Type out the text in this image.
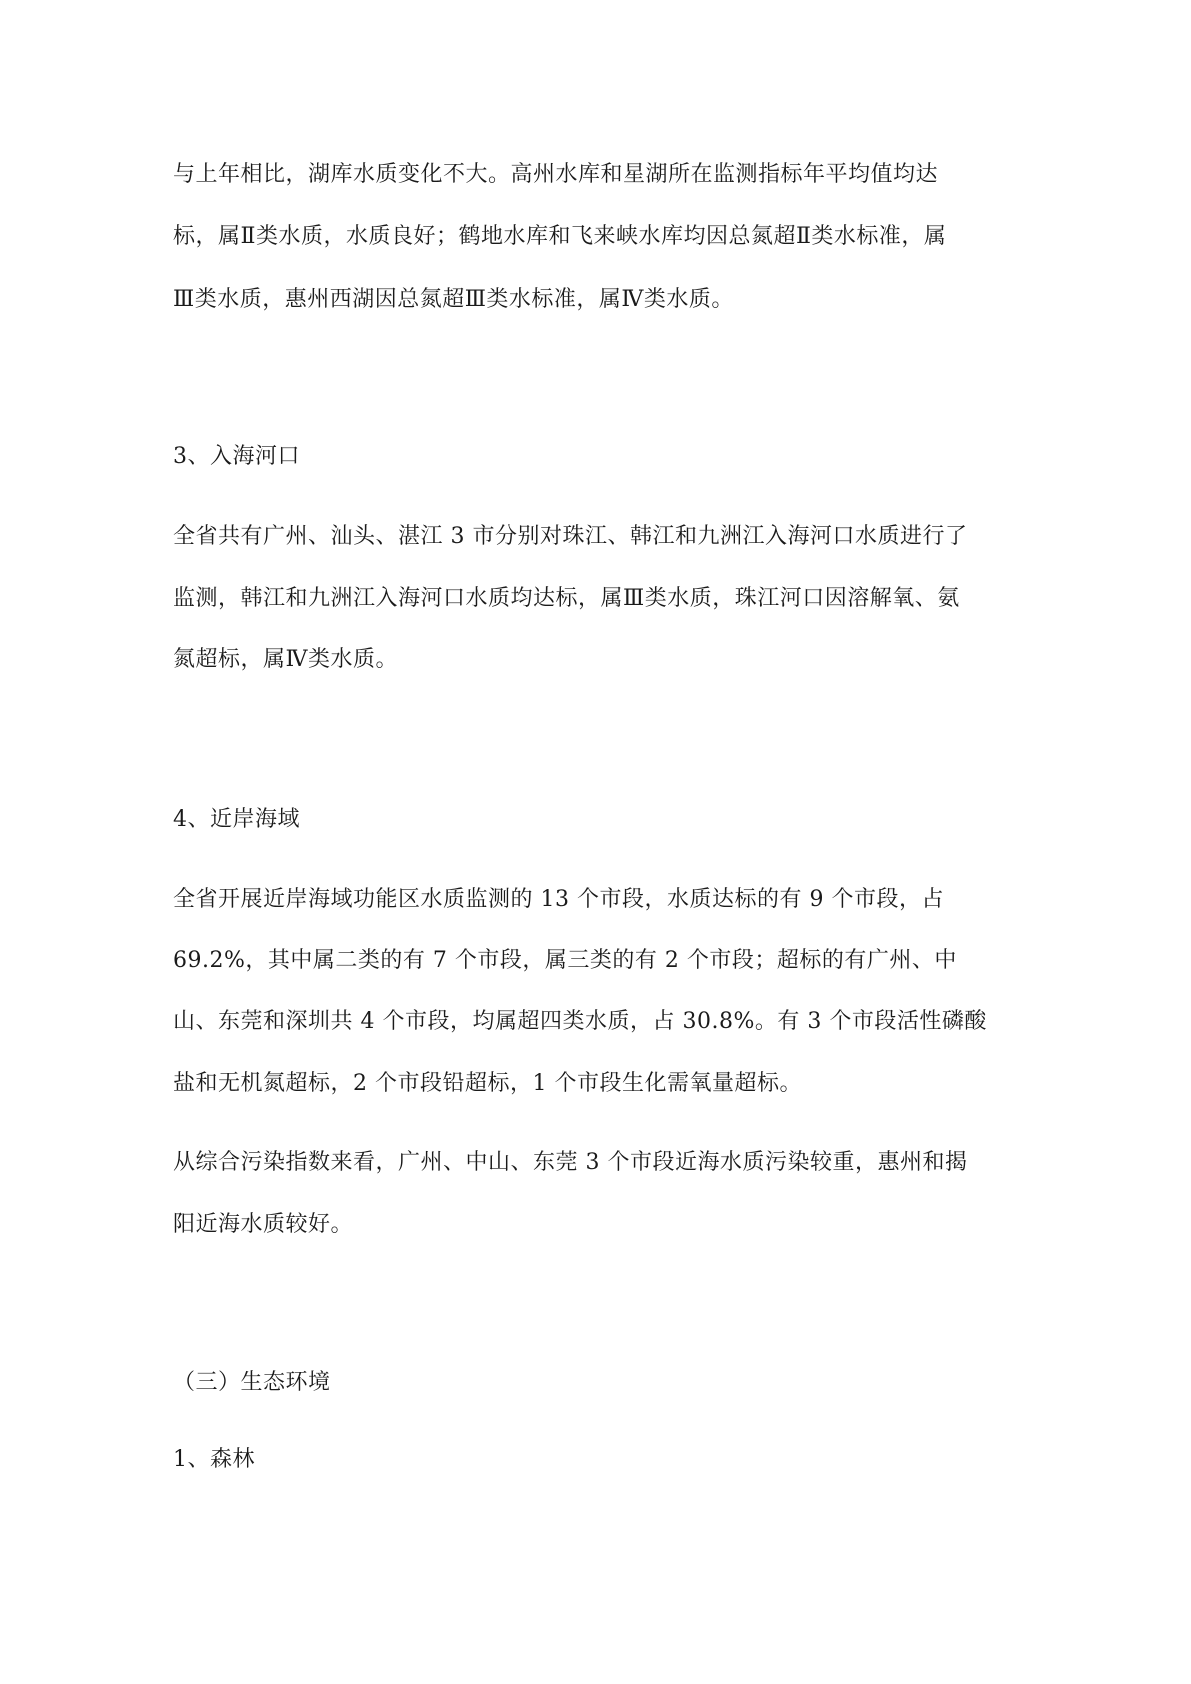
与上年相比，湖库水质变化不大。高州水库和星湖所在监测指标年平均值均达
标，属Ⅱ类水质，水质良好；鹤地水库和飞来峡水库均因总氮超Ⅱ类水标准，属
Ⅲ类水质，惠州西湖因总氮超Ⅲ类水标准，属Ⅳ类水质。
3、入海河口
全省共有广州、汕头、湛江 3 市分别对珠江、韩江和九洲江入海河口水质进行了
监测，韩江和九洲江入海河口水质均达标，属Ⅲ类水质，珠江河口因溶解氧、氨
氮超标，属Ⅳ类水质。
4、近岸海域
全省开展近岸海域功能区水质监测的 13 个市段，水质达标的有 9 个市段，占
69.2%，其中属二类的有 7 个市段，属三类的有 2 个市段；超标的有广州、中
山、东莞和深圳共 4 个市段，均属超四类水质，占 30.8%。有 3 个市段活性磷酸
盐和无机氮超标，2 个市段铅超标，1 个市段生化需氧量超标。
从综合污染指数来看，广州、中山、东莞 3 个市段近海水质污染较重，惠州和揭
阳近海水质较好。
（三）生态环境
1、森林
